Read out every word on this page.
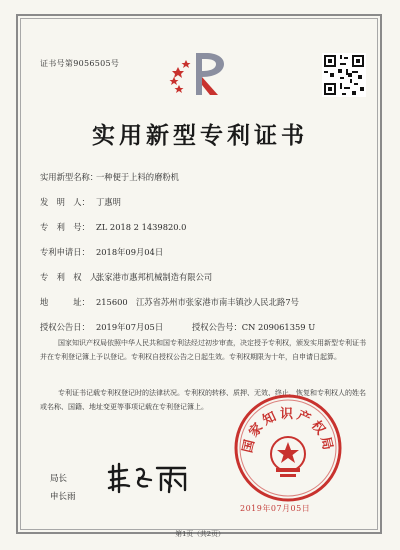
证书号第9056505号
实用新型专利证书
实用新型名称：一种便于上料的磨粉机
发　明　人： 丁惠明
专　利　号： ZL 2018 2 1439820.0
专利申请日： 2018年09月04日
专　利　权　人：张家港市惠邦机械制造有限公司
地　　　址： 215600　江苏省苏州市张家港市南丰镇沙人民北路7号
授权公告日： 2019年07月05日	授权公告号：CN 209061359 U
国家知识产权局依照中华人民共和国专利法经过初步审查，决定授予专利权，颁发实用新型专利证书并在专利登记簿上予以登记。专利权自授权公告之日起生效。专利权期限为十年，自申请日起算。
专利证书记载专利权登记时的法律状况。专利权的转移、质押、无效、终止、恢复和专利权人的姓名或名称、国籍、地址变更等事项记载在专利登记簿上。
国家知识产权局
局长
申长雨
2019年07月05日
第1页（共2页）
